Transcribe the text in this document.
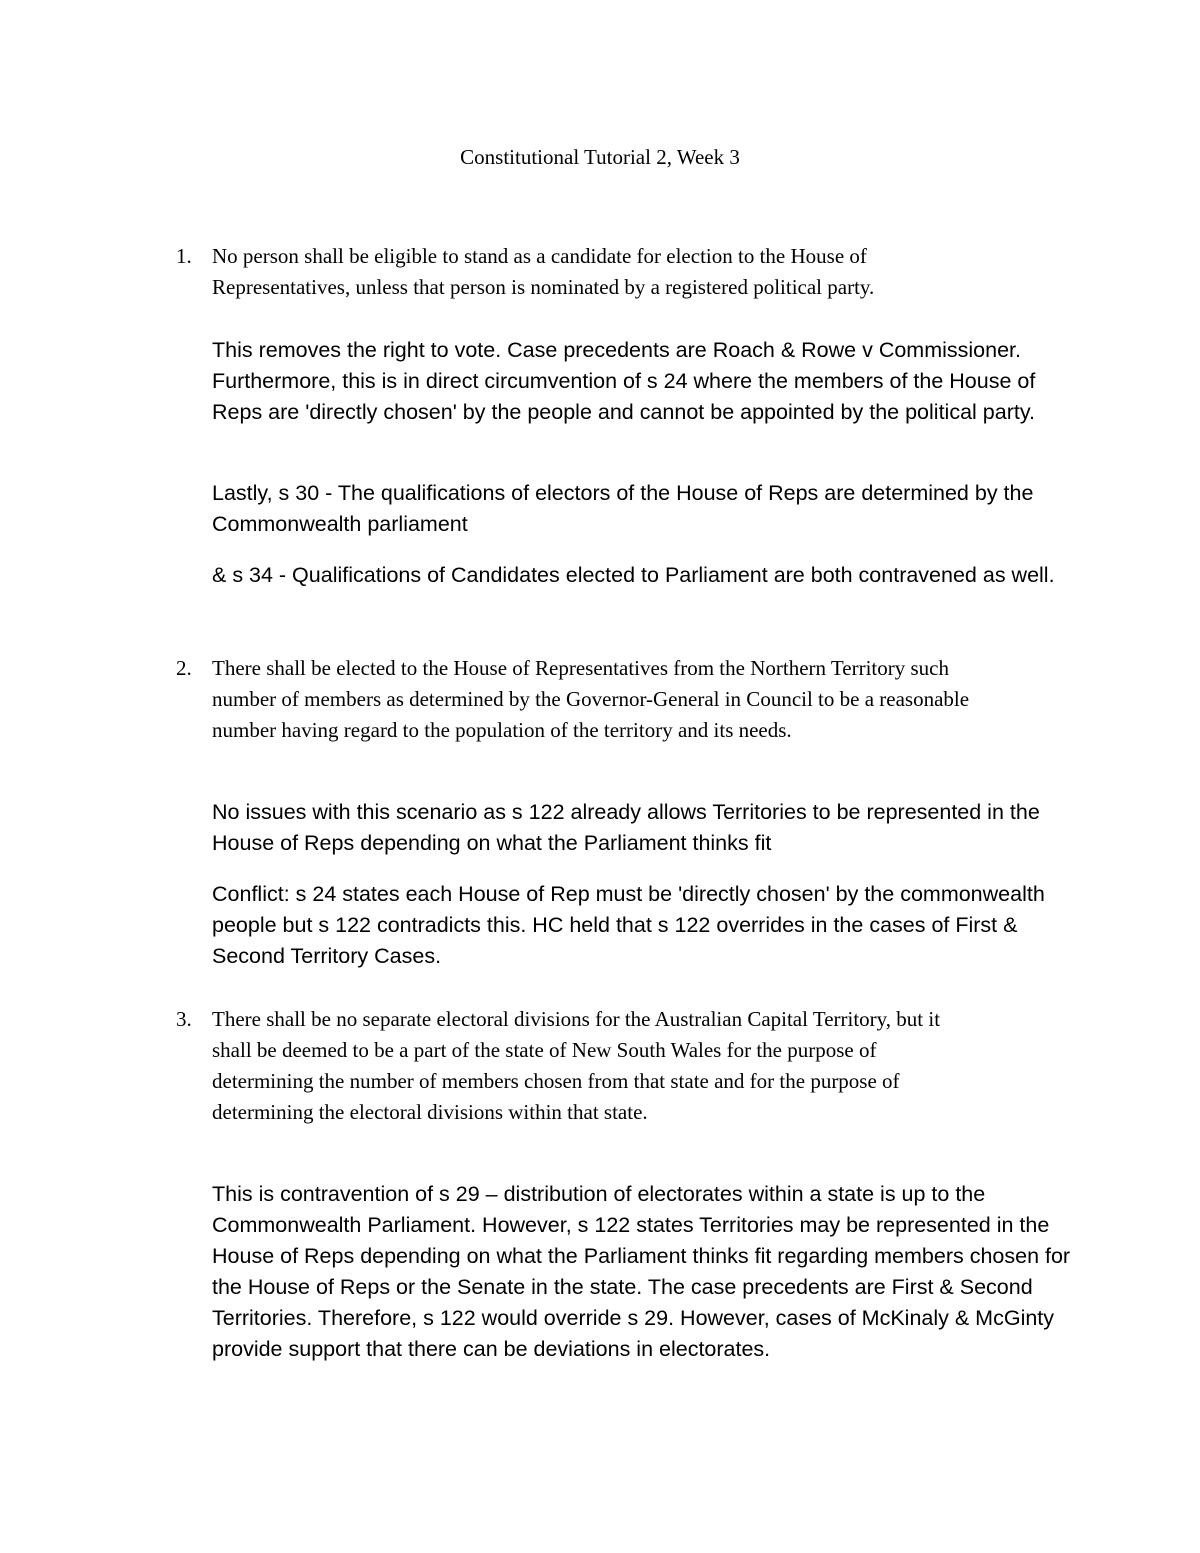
Constitutional Tutorial 2, Week 3
1. No person shall be eligible to stand as a candidate for election to the House of Representatives, unless that person is nominated by a registered political party.
This removes the right to vote. Case precedents are Roach & Rowe v Commissioner. Furthermore, this is in direct circumvention of s 24 where the members of the House of Reps are 'directly chosen' by the people and cannot be appointed by the political party.
Lastly, s 30 - The qualifications of electors of the House of Reps are determined by the Commonwealth parliament
& s 34 - Qualifications of Candidates elected to Parliament are both contravened as well.
2. There shall be elected to the House of Representatives from the Northern Territory such number of members as determined by the Governor-General in Council to be a reasonable number having regard to the population of the territory and its needs.
No issues with this scenario as s 122 already allows Territories to be represented in the House of Reps depending on what the Parliament thinks fit
Conflict: s 24 states each House of Rep must be 'directly chosen' by the commonwealth people but s 122 contradicts this. HC held that s 122 overrides in the cases of First & Second Territory Cases.
3. There shall be no separate electoral divisions for the Australian Capital Territory, but it shall be deemed to be a part of the state of New South Wales for the purpose of determining the number of members chosen from that state and for the purpose of determining the electoral divisions within that state.
This is contravention of s 29 – distribution of electorates within a state is up to the Commonwealth Parliament. However, s 122 states Territories may be represented in the House of Reps depending on what the Parliament thinks fit regarding members chosen for the House of Reps or the Senate in the state. The case precedents are First & Second Territories. Therefore, s 122 would override s 29. However, cases of McKinaly & McGinty provide support that there can be deviations in electorates.
